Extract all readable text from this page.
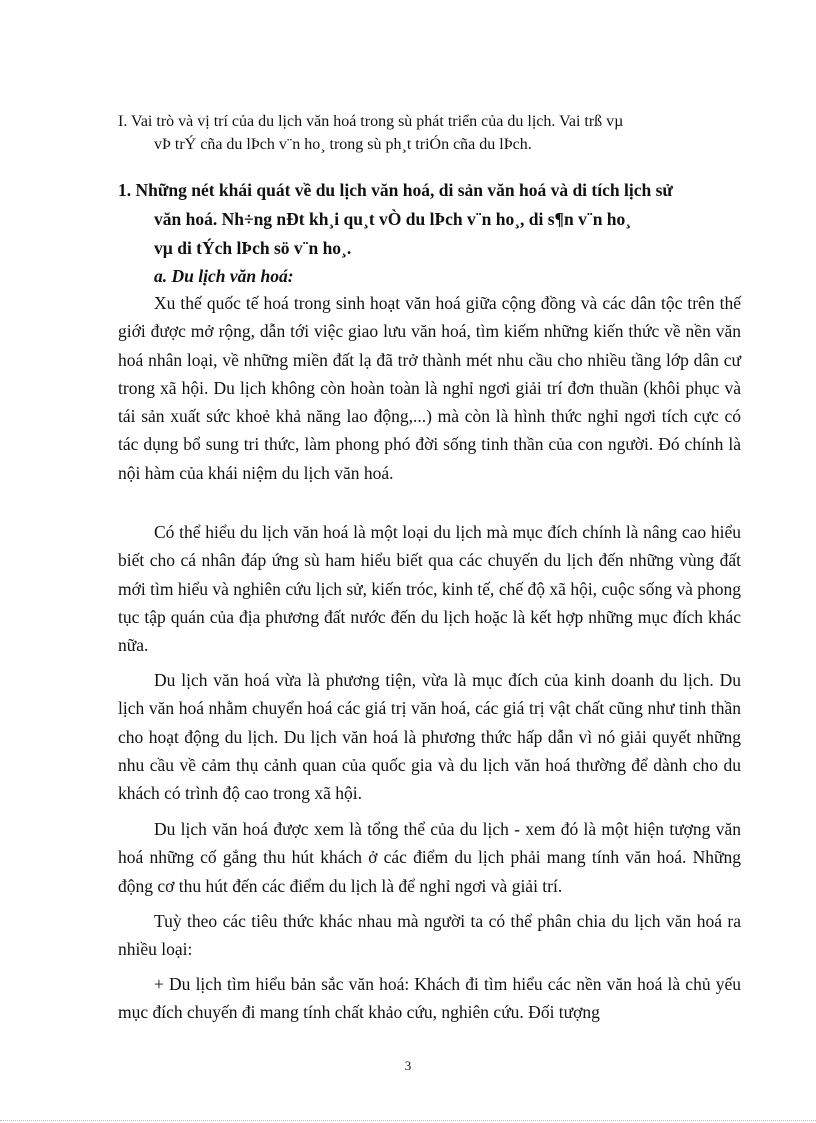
I. Vai trò và vị trí của du lịch văn hoá trong sù phát triển của du lịch. Vai trß vµ
vÞ trÝ cña du lÞch v¨n ho¸ trong sù ph¸t triÓn cña du lÞch.
1. Những nét khái quát về du lịch văn hoá, di sản văn hoá và di tích lịch sử
văn hoá. Nh÷ng nÐt kh¸i qu¸t vÒ du lÞch v¨n ho¸, di s¶n v¨n ho¸
vµ di tÝch lÞch sö v¨n ho¸.
a. Du lịch văn hoá:

Xu thế quốc tế hoá trong sinh hoạt văn hoá giữa cộng đồng và các dân tộc trên thế giới được mở rộng, dẫn tới việc giao lưu văn hoá, tìm kiếm những kiến thức về nền văn hoá nhân loại, về những miền đất lạ đã trở thành mét nhu cầu cho nhiều tầng lớp dân cư trong xã hội. Du lịch không còn hoàn toàn là nghỉ ngơi giải trí đơn thuần (khôi phục và tái sản xuất sức khoẻ khả năng lao động,...) mà còn là hình thức nghỉ ngơi tích cực có tác dụng bổ sung tri thức, làm phong phó đời sống tinh thần của con người. Đó chính là nội hàm của khái niệm du lịch văn hoá.

Có thể hiểu du lịch văn hoá là một loại du lịch mà mục đích chính là nâng cao hiểu biết cho cá nhân đáp ứng sù ham hiểu biết qua các chuyến du lịch đến những vùng đất mới tìm hiểu và nghiên cứu lịch sử, kiến tróc, kinh tế, chế độ xã hội, cuộc sống và phong tục tập quán của địa phương đất nước đến du lịch hoặc là kết hợp những mục đích khác nữa.

Du lịch văn hoá vừa là phương tiện, vừa là mục đích của kinh doanh du lịch. Du lịch văn hoá nhằm chuyển hoá các giá trị văn hoá, các giá trị vật chất cũng như tinh thần cho hoạt động du lịch. Du lịch văn hoá là phương thức hấp dẫn vì nó giải quyết những nhu cầu về cảm thụ cảnh quan của quốc gia và du lịch văn hoá thường để dành cho du khách có trình độ cao trong xã hội.

Du lịch văn hoá được xem là tổng thể của du lịch - xem đó là một hiện tượng văn hoá những cố gắng thu hút khách ở các điểm du lịch phải mang tính văn hoá. Những động cơ thu hút đến các điểm du lịch là để nghỉ ngơi và giải trí.

Tuỳ theo các tiêu thức khác nhau mà người ta có thể phân chia du lịch văn hoá ra nhiều loại:

+ Du lịch tìm hiểu bản sắc văn hoá: Khách đi tìm hiểu các nền văn hoá là chủ yếu mục đích chuyến đi mang tính chất khảo cứu, nghiên cứu. Đối tượng

3
